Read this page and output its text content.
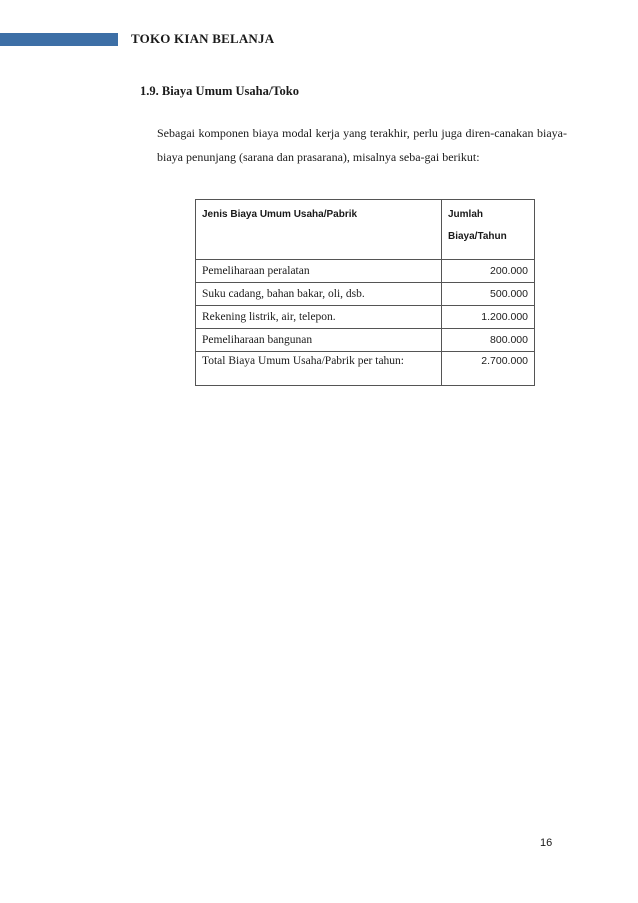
TOKO KIAN BELANJA
1.9. Biaya Umum Usaha/Toko
Sebagai komponen biaya modal kerja yang terakhir, perlu juga diren-canakan biaya-biaya penunjang (sarana dan prasarana), misalnya seba-gai berikut:
Jenis Biaya Umum Usaha/Pabrik	Jumlah
Biaya/Tahun

Pemeliharaan peralatan	200.000
Suku cadang, bahan bakar, oli, dsb.	500.000
Rekening listrik, air, telepon.	1.200.000
Pemeliharaan bangunan	800.000
Total Biaya Umum Usaha/Pabrik per tahun:	2.700.000
16
